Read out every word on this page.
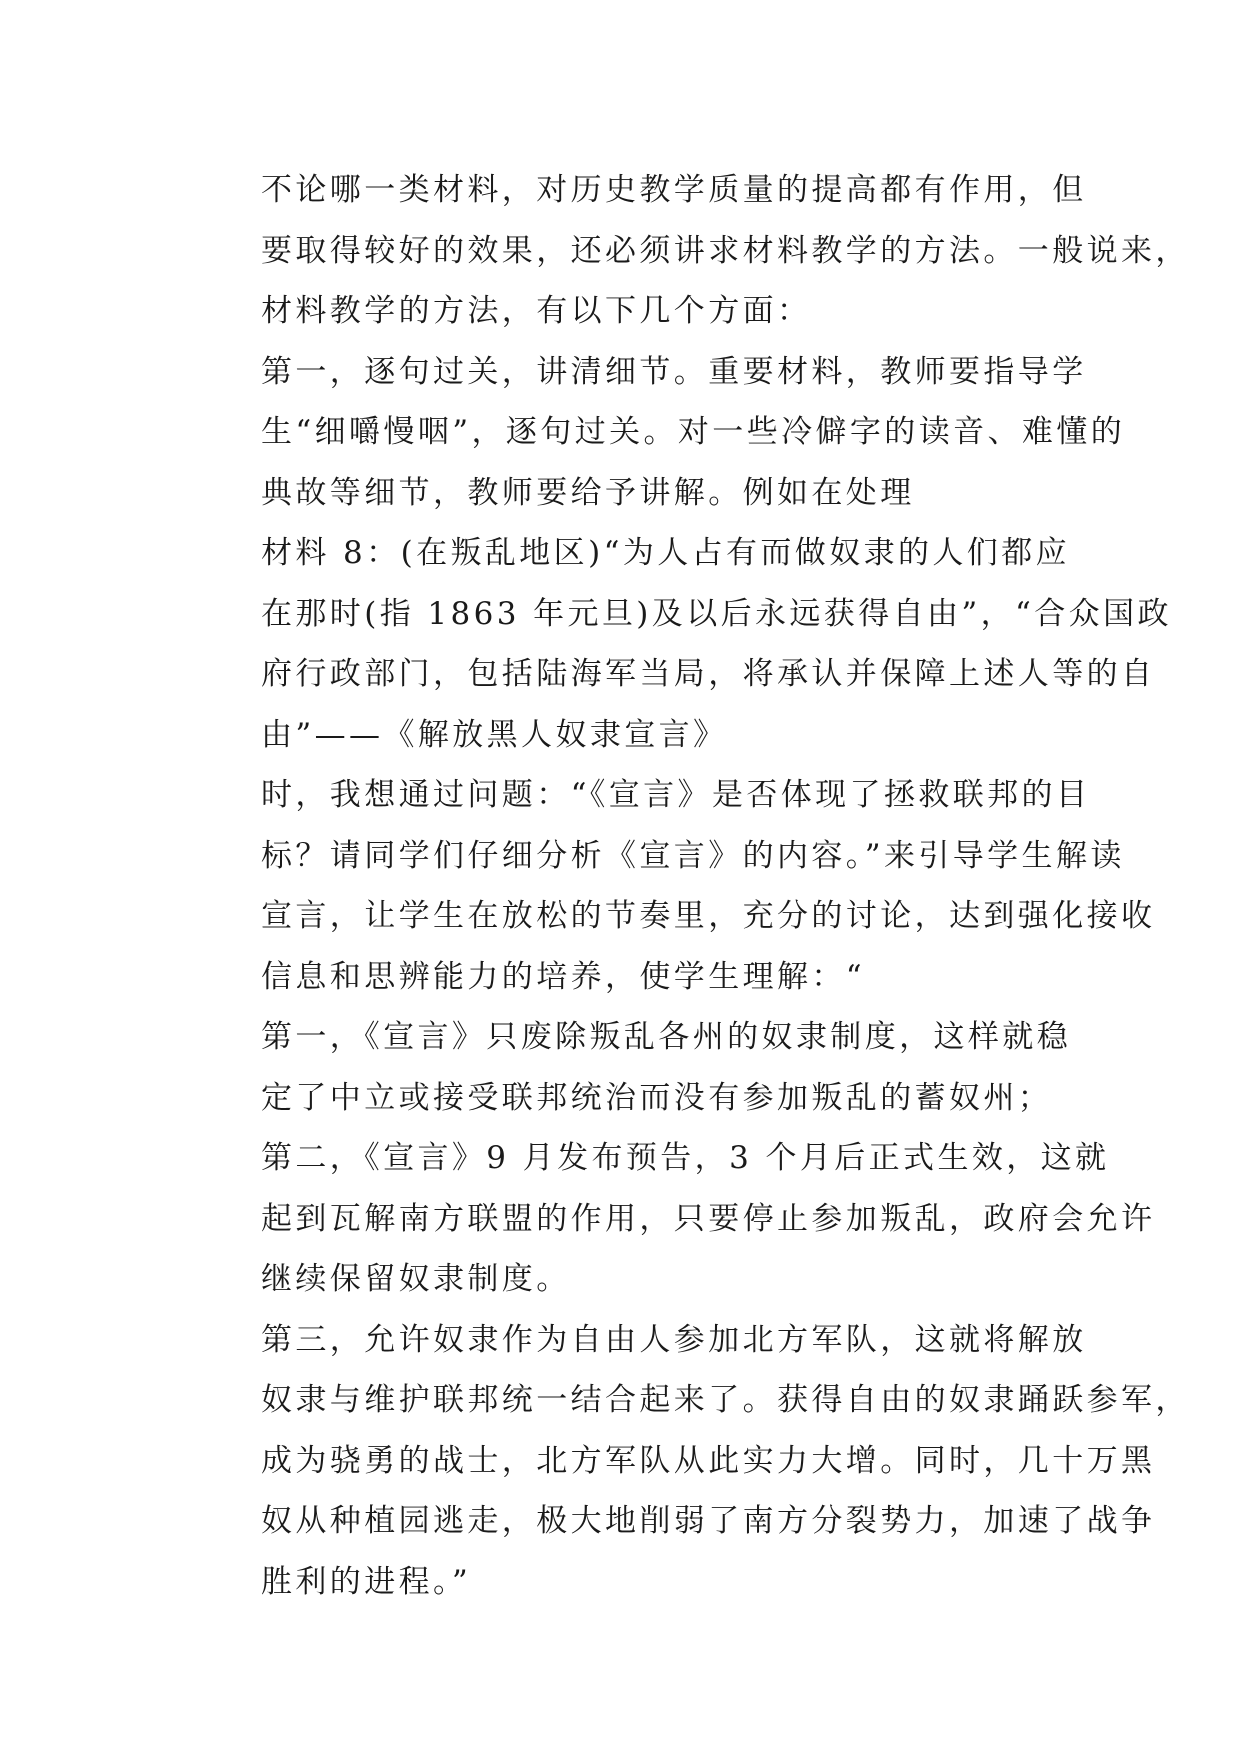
不论哪一类材料，对历史教学质量的提高都有作用，但
要取得较好的效果，还必须讲求材料教学的方法。一般说来，
材料教学的方法，有以下几个方面：

第一，逐句过关，讲清细节。重要材料，教师要指导学
生“细嚼慢咽”，逐句过关。对一些冷僻字的读音、难懂的
典故等细节，教师要给予讲解。例如在处理

材料 8：(在叛乱地区)“为人占有而做奴隶的人们都应
在那时(指 1863 年元旦)及以后永远获得自由”，“合众国政
府行政部门，包括陆海军当局，将承认并保障上述人等的自
由”——《解放黑人奴隶宣言》

时，我想通过问题：“《宣言》是否体现了拯救联邦的目
标？请同学们仔细分析《宣言》的内容。”来引导学生解读
宣言，让学生在放松的节奏里，充分的讨论，达到强化接收
信息和思辨能力的培养，使学生理解：“

第一，《宣言》只废除叛乱各州的奴隶制度，这样就稳
定了中立或接受联邦统治而没有参加叛乱的蓄奴州；

第二，《宣言》9 月发布预告，3 个月后正式生效，这就
起到瓦解南方联盟的作用，只要停止参加叛乱，政府会允许
继续保留奴隶制度。

第三，允许奴隶作为自由人参加北方军队，这就将解放
奴隶与维护联邦统一结合起来了。获得自由的奴隶踊跃参军，
成为骁勇的战士，北方军队从此实力大增。同时，几十万黑
奴从种植园逃走，极大地削弱了南方分裂势力，加速了战争
胜利的进程。”
